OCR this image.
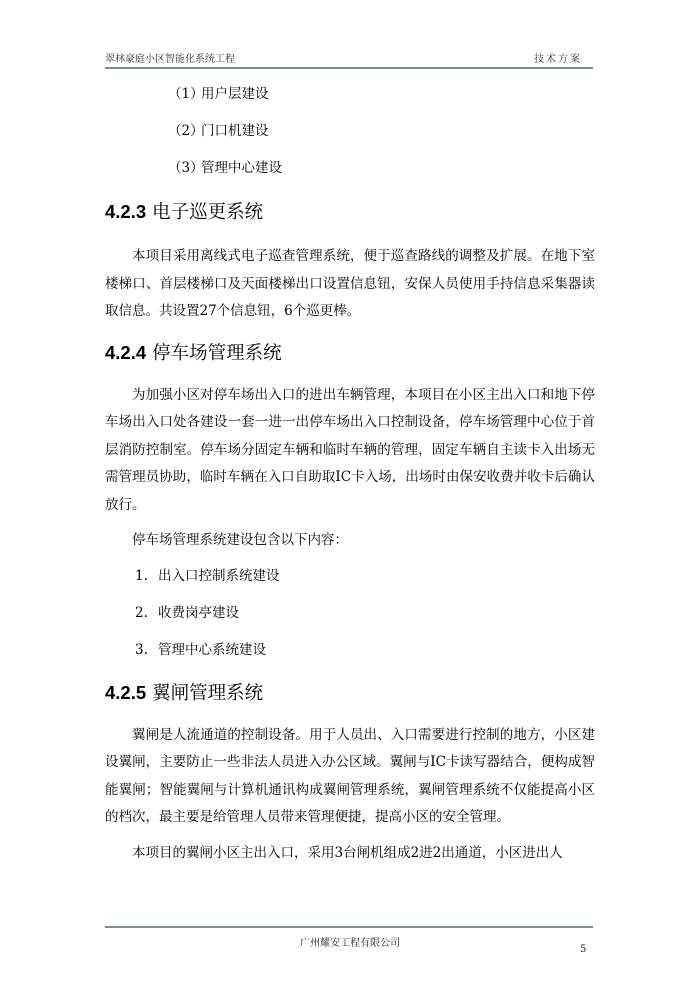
翠林豪庭小区智能化系统工程	技术方案
（1）用户层建设
（2）门口机建设
（3）管理中心建设
4.2.3 电子巡更系统

本项目采用离线式电子巡查管理系统，便于巡查路线的调整及扩展。在地下室楼梯口、首层楼梯口及天面楼梯出口设置信息钮，安保人员使用手持信息采集器读取信息。共设置27个信息钮，6个巡更棒。

4.2.4 停车场管理系统

为加强小区对停车场出入口的进出车辆管理，本项目在小区主出入口和地下停车场出入口处各建设一套一进一出停车场出入口控制设备，停车场管理中心位于首层消防控制室。停车场分固定车辆和临时车辆的管理，固定车辆自主读卡入出场无需管理员协助，临时车辆在入口自助取IC卡入场，出场时由保安收费并收卡后确认放行。

停车场管理系统建设包含以下内容：

1. 出入口控制系统建设
2. 收费岗亭建设
3. 管理中心系统建设
4.2.5 翼闸管理系统

翼闸是人流通道的控制设备。用于人员出、入口需要进行控制的地方，小区建设翼闸，主要防止一些非法人员进入办公区域。翼闸与IC卡读写器结合，便构成智能翼闸；智能翼闸与计算机通讯构成翼闸管理系统，翼闸管理系统不仅能提高小区的档次，最主要是给管理人员带来管理便捷，提高小区的安全管理。

本项目的翼闸小区主出入口，采用3台闸机组成2进2出通道，小区进出人

广州耀安工程有限公司
5
